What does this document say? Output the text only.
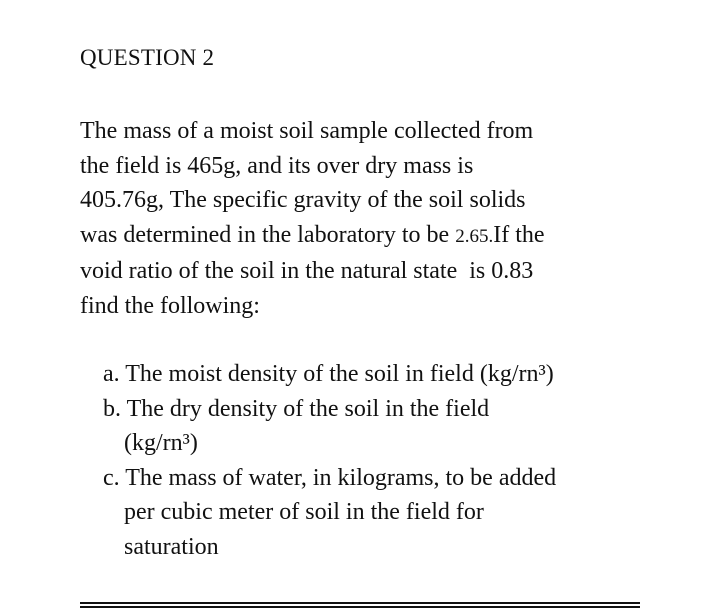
QUESTION 2
The mass of a moist soil sample collected from
the field is 465g, and its over dry mass is
405.76g, The specific gravity of the soil solids
was determined in the laboratory to be 2.65.If the
void ratio of the soil in the natural state  is 0.83
find the following:
a. The moist density of the soil in field (kg/rn³)
b. The dry density of the soil in the field
(kg/rn³)
c. The mass of water, in kilograms, to be added
per cubic meter of soil in the field for
saturation
